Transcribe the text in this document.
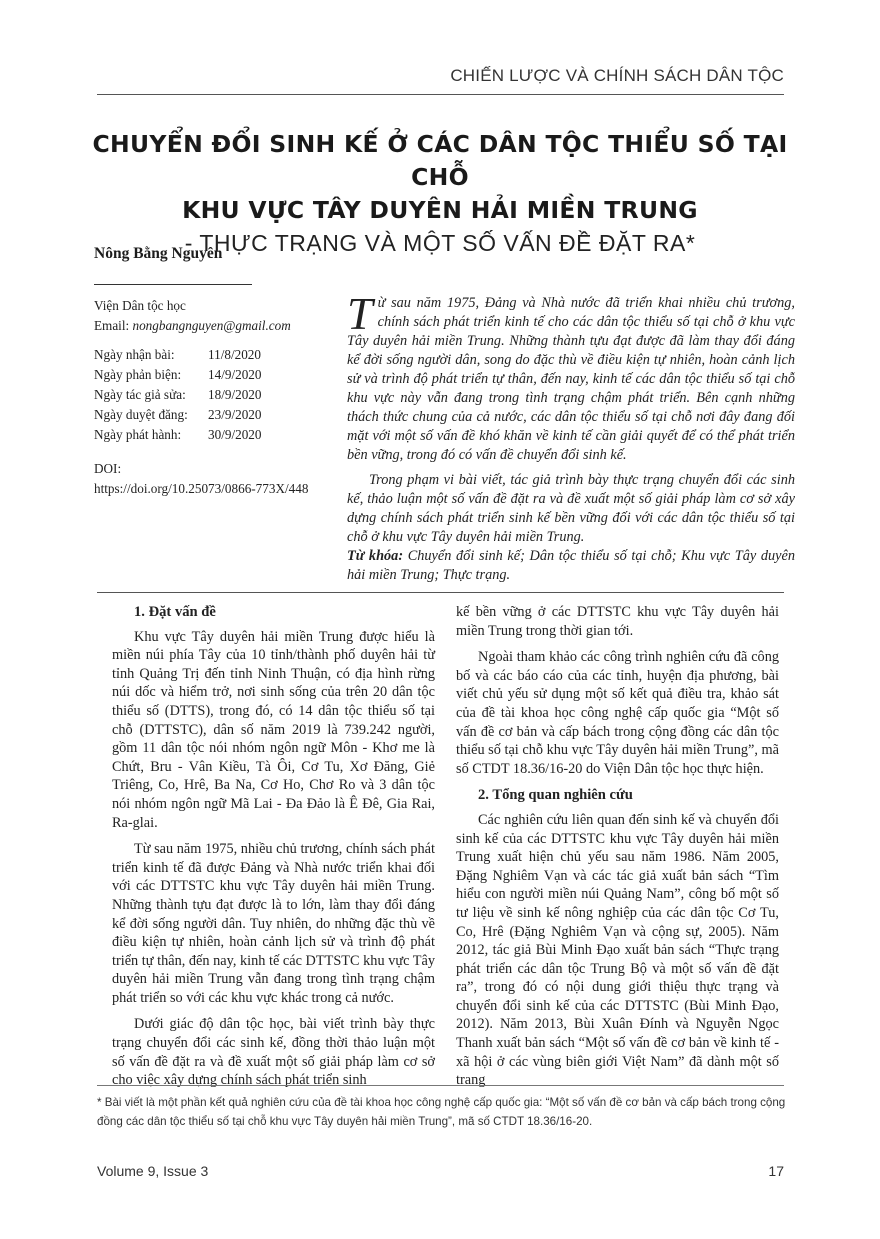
CHIẾN LƯỢC VÀ CHÍNH SÁCH DÂN TỘC
CHUYỂN ĐỔI SINH KẾ Ở CÁC DÂN TỘC THIỂU SỐ TẠI CHỖ
KHU VỰC TÂY DUYÊN HẢI MIỀN TRUNG
- THỰC TRẠNG VÀ MỘT SỐ VẤN ĐỀ ĐẶT RA*
Nông Bằng Nguyên
Viện Dân tộc học
Email: nongbangnguyen@gmail.com
Ngày nhận bài:	11/8/2020
Ngày phản biện:	14/9/2020
Ngày tác giả sửa:	18/9/2020
Ngày duyệt đăng:	23/9/2020
Ngày phát hành:	30/9/2020
DOI:
https://doi.org/10.25073/0866-773X/448

Từ sau năm 1975, Đảng và Nhà nước đã triển khai nhiều chủ trương, chính sách phát triển kinh tế cho các dân tộc thiểu số tại chỗ ở khu vực Tây duyên hải miền Trung. Những thành tựu đạt được đã làm thay đổi đáng kể đời sống người dân, song do đặc thù về điều kiện tự nhiên, hoàn cảnh lịch sử và trình độ phát triển tự thân, đến nay, kinh tế các dân tộc thiểu số tại chỗ khu vực này vẫn đang trong tình trạng chậm phát triển. Bên cạnh những thách thức chung của cả nước, các dân tộc thiểu số tại chỗ nơi đây đang đối mặt với một số vấn đề khó khăn về kinh tế cần giải quyết để có thể phát triển bền vững, trong đó có vấn đề chuyển đổi sinh kế.

Trong phạm vi bài viết, tác giả trình bày thực trạng chuyển đổi các sinh kế, thảo luận một số vấn đề đặt ra và đề xuất một số giải pháp làm cơ sở xây dựng chính sách phát triển sinh kế bền vững đối với các dân tộc thiểu số tại chỗ ở khu vực Tây duyên hải miền Trung.

Từ khóa: Chuyển đổi sinh kế; Dân tộc thiểu số tại chỗ; Khu vực Tây duyên hải miền Trung; Thực trạng.

1. Đặt vấn đề

Khu vực Tây duyên hải miền Trung được hiểu là miền núi phía Tây của 10 tỉnh/thành phố duyên hải từ tỉnh Quảng Trị đến tỉnh Ninh Thuận, có địa hình rừng núi dốc và hiểm trở, nơi sinh sống của trên 20 dân tộc thiểu số (DTTS), trong đó, có 14 dân tộc thiểu số tại chỗ (DTTSTC), dân số năm 2019 là 739.242 người, gồm 11 dân tộc nói nhóm ngôn ngữ Môn - Khơ me là Chứt, Bru - Vân Kiều, Tà Ôi, Cơ Tu, Xơ Đăng, Giẻ Triêng, Co, Hrê, Ba Na, Cơ Ho, Chơ Ro và 3 dân tộc nói nhóm ngôn ngữ Mã Lai - Đa Đảo là Ê Đê, Gia Rai, Ra-glai.

Từ sau năm 1975, nhiều chủ trương, chính sách phát triển kinh tế đã được Đảng và Nhà nước triển khai đối với các DTTSTC khu vực Tây duyên hải miền Trung. Những thành tựu đạt được là to lớn, làm thay đổi đáng kể đời sống người dân. Tuy nhiên, do những đặc thù về điều kiện tự nhiên, hoàn cảnh lịch sử và trình độ phát triển tự thân, đến nay, kinh tế các DTTSTC khu vực Tây duyên hải miền Trung vẫn đang trong tình trạng chậm phát triển so với các khu vực khác trong cả nước.

Dưới giác độ dân tộc học, bài viết trình bày thực trạng chuyển đổi các sinh kế, đồng thời thảo luận một số vấn đề đặt ra và đề xuất một số giải pháp làm cơ sở cho việc xây dựng chính sách phát triển sinh

kế bền vững ở các DTTSTC khu vực Tây duyên hải miền Trung trong thời gian tới.

Ngoài tham khảo các công trình nghiên cứu đã công bố và các báo cáo của các tỉnh, huyện địa phương, bài viết chủ yếu sử dụng một số kết quả điều tra, khảo sát của đề tài khoa học công nghệ cấp quốc gia “Một số vấn đề cơ bản và cấp bách trong cộng đồng các dân tộc thiểu số tại chỗ khu vực Tây duyên hải miền Trung”, mã số CTDT 18.36/16-20 do Viện Dân tộc học thực hiện.

2. Tổng quan nghiên cứu

Các nghiên cứu liên quan đến sinh kế và chuyển đổi sinh kế của các DTTSTC khu vực Tây duyên hải miền Trung xuất hiện chủ yếu sau năm 1986. Năm 2005, Đặng Nghiêm Vạn và các tác giả xuất bản sách “Tìm hiểu con người miền núi Quảng Nam”, công bố một số tư liệu về sinh kế nông nghiệp của các dân tộc Cơ Tu, Co, Hrê (Đặng Nghiêm Vạn và cộng sự, 2005). Năm 2012, tác giả Bùi Minh Đạo xuất bản sách “Thực trạng phát triển các dân tộc Trung Bộ và một số vấn đề đặt ra”, trong đó có nội dung giới thiệu thực trạng và chuyển đổi sinh kế của các DTTSTC (Bùi Minh Đạo, 2012). Năm 2013, Bùi Xuân Đính và Nguyễn Ngọc Thanh xuất bản sách “Một số vấn đề cơ bản về kinh tế - xã hội ở các vùng biên giới Việt Nam” đã dành một số trang

* Bài viết là một phần kết quả nghiên cứu của đề tài khoa học công nghệ cấp quốc gia: “Một số vấn đề cơ bản và cấp bách trong cộng đồng các dân tộc thiểu số tại chỗ khu vực Tây duyên hải miền Trung”, mã số CTDT 18.36/16-20.
Volume 9, Issue 3	17
